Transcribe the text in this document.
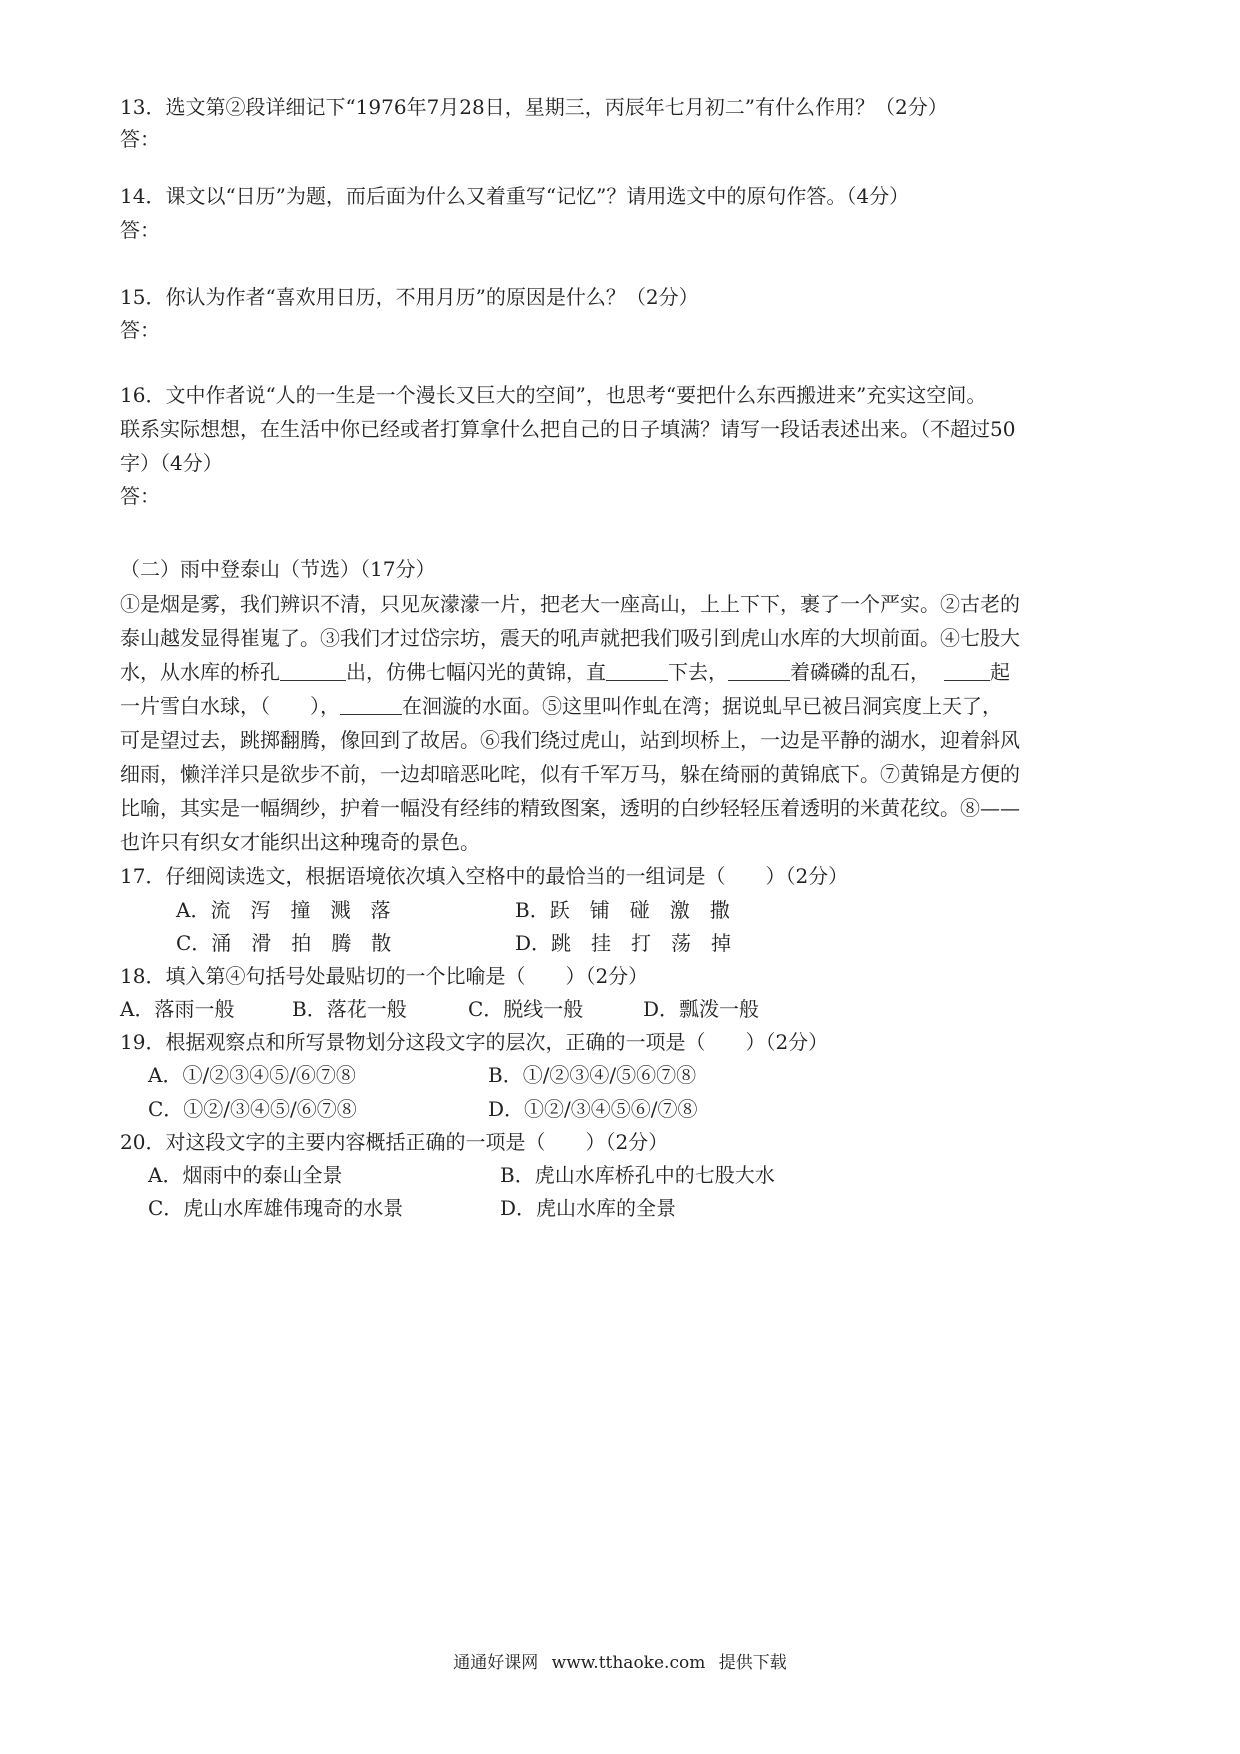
13．选文第②段详细记下“1976年7月28日，星期三，丙辰年七月初二”有什么作用？（2分）
答：
14．课文以“日历”为题，而后面为什么又着重写“记忆”？请用选文中的原句作答。（4分）
答：
15．你认为作者“喜欢用日历，不用月历”的原因是什么？（2分）
答：
16．文中作者说“人的一生是一个漫长又巨大的空间”，也思考“要把什么东西搬进来”充实这空间。
联系实际想想，在生活中你已经或者打算拿什么把自己的日子填满？请写一段话表述出来。（不超过50
字）（4分）
答：
（二）雨中登泰山（节选）（17分）
①是烟是雾，我们辨识不清，只见灰濛濛一片，把老大一座高山，上上下下，裹了一个严实。②古老的
泰山越发显得崔嵬了。③我们才过岱宗坊，震天的吼声就把我们吸引到虎山水库的大坝前面。④七股大
水，从水库的桥孔	出，仿佛七幅闪光的黄锦，直	下去，	着磷磷的乱石，	起
一片雪白水球，（　　），	在洄漩的水面。⑤这里叫作虬在湾；据说虬早已被吕洞宾度上天了，
可是望过去，跳掷翻腾，像回到了故居。⑥我们绕过虎山，站到坝桥上，一边是平静的湖水，迎着斜风
细雨，懒洋洋只是欲步不前，一边却暗恶叱咤，似有千军万马，躲在绮丽的黄锦底下。⑦黄锦是方便的
比喻，其实是一幅绸纱，护着一幅没有经纬的精致图案，透明的白纱轻轻压着透明的米黄花纹。⑧——
也许只有织女才能织出这种瑰奇的景色。
17．仔细阅读选文，根据语境依次填入空格中的最恰当的一组词是（　　）（2分）
A．流　泻　撞　溅　落	B．跃　铺　碰　激　撒
C．涌　滑　拍　腾　散	D．跳　挂　打　荡　掉
18．填入第④句括号处最贴切的一个比喻是（　　）（2分）
A．落雨一般	B．落花一般	C．脱线一般	D．瓢泼一般
19．根据观察点和所写景物划分这段文字的层次，正确的一项是（　　）（2分）
A．①/②③④⑤/⑥⑦⑧	B．①/②③④/⑤⑥⑦⑧
C．①②/③④⑤/⑥⑦⑧	D．①②/③④⑤⑥/⑦⑧
20．对这段文字的主要内容概括正确的一项是（　　）（2分）
A．烟雨中的泰山全景	B．虎山水库桥孔中的七股大水
C．虎山水库雄伟瑰奇的水景	D．虎山水库的全景
通通好课网 www.tthaoke.com 提供下载
